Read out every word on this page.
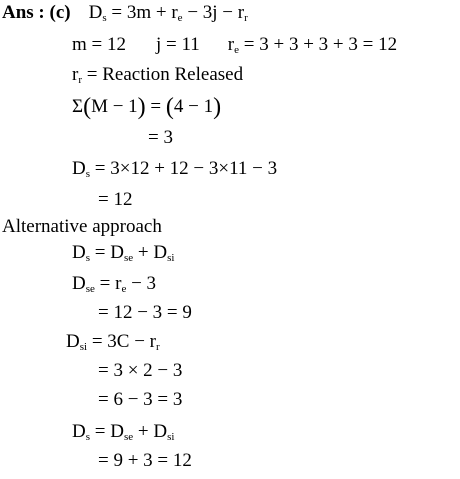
Ans : (c) $D_s = 3m + r_e - 3j - r_r$
m = 12 j = 11 $r_e = 3 + 3 + 3 + 3 = 12$
$r_r$ = Reaction Released
Σ(M − 1) = (4 − 1)
= 3
$D_s = 3\times 12 + 12 - 3\times 11 - 3$
= 12
Alternative approach
$D_s = D_{se} + D_{si}$
$D_{se} = r_e - 3$
= 12 − 3 = 9
$D_{si} = 3C - r_r$
= 3 × 2 − 3
= 6 − 3 = 3
$D_s = D_{se} + D_{si}$
= 9 + 3 = 12
